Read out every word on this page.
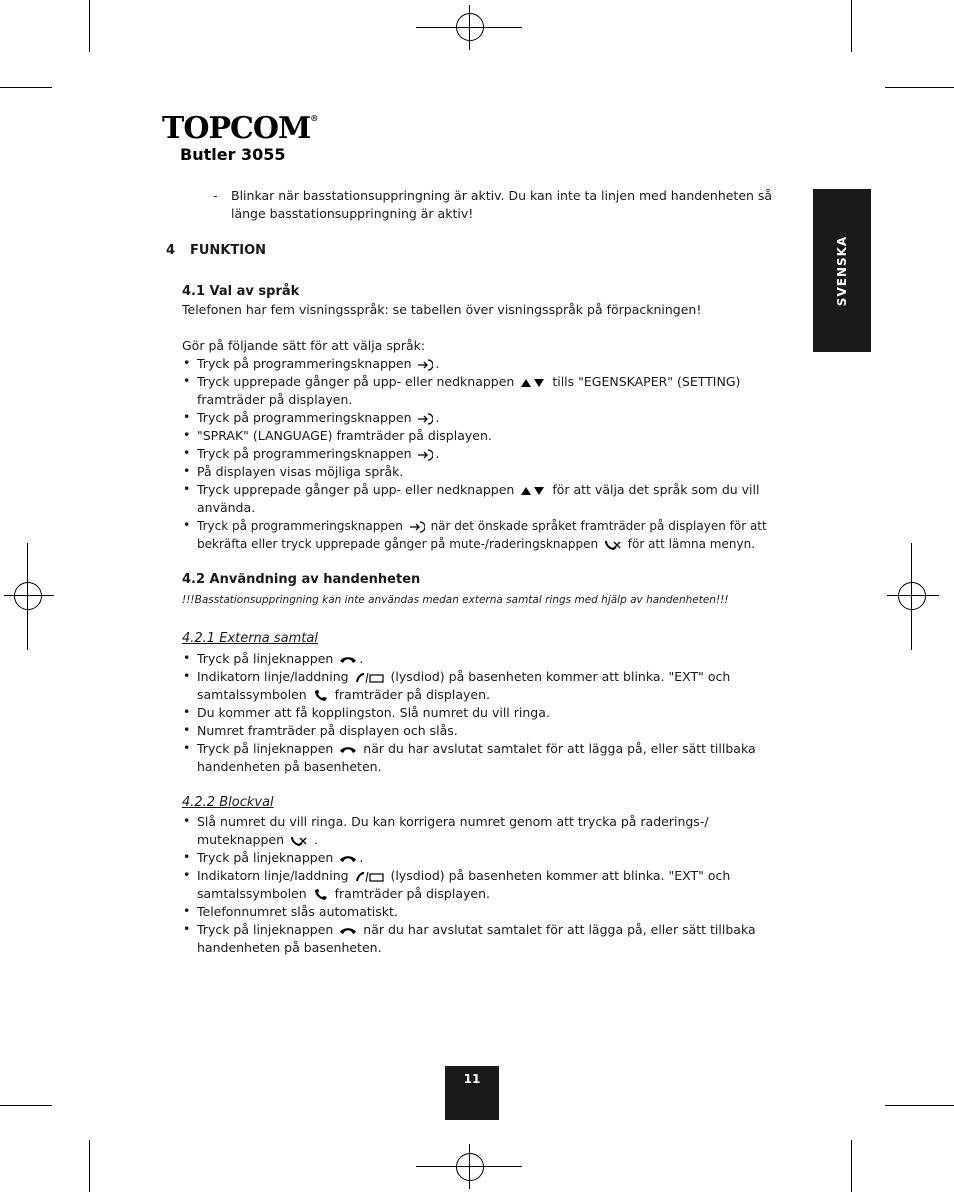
TOPCOM®
Butler 3055
SVENSKA
- Blinkar när basstationsuppringning är aktiv. Du kan inte ta linjen med handenheten så
länge basstationsuppringning är aktiv!
4 FUNKTION
4.1 Val av språk
Telefonen har fem visningsspråk: se tabellen över visningsspråk på förpackningen!
Gör på följande sätt för att välja språk:
• Tryck på programmeringsknappen .
• Tryck upprepade gånger på upp- eller nedknappen	tills "EGENSKAPER" (SETTING)
framträder på displayen.
• Tryck på programmeringsknappen .
• "SPRAK" (LANGUAGE) framträder på displayen.
• Tryck på programmeringsknappen .
• På displayen visas möjliga språk.
• Tryck upprepade gånger på upp- eller nedknappen	för att välja det språk som du vill
använda.
• Tryck på programmeringsknappen när det önskade språket framträder på displayen för att
bekräfta eller tryck upprepade gånger på mute-/raderingsknappen för att lämna menyn.
4.2 Användning av handenheten
!!!Basstationsuppringning kan inte användas medan externa samtal rings med hjälp av handenheten!!!
4.2.1 Externa samtal
• Tryck på linjeknappen .
• Indikatorn linje/laddning	(lysdiod) på basenheten kommer att blinka. "EXT" och
samtalssymbolen framträder på displayen.
• Du kommer att få kopplingston. Slå numret du vill ringa.
• Numret framträder på displayen och slås.
• Tryck på linjeknappen när du har avslutat samtalet för att lägga på, eller sätt tillbaka
handenheten på basenheten.
4.2.2 Blockval
• Slå numret du vill ringa. Du kan korrigera numret genom att trycka på raderings-/
muteknappen .
• Tryck på linjeknappen .
• Indikatorn linje/laddning	(lysdiod) på basenheten kommer att blinka. "EXT" och
samtalssymbolen framträder på displayen.
• Telefonnumret slås automatiskt.
• Tryck på linjeknappen när du har avslutat samtalet för att lägga på, eller sätt tillbaka
handenheten på basenheten.
11
